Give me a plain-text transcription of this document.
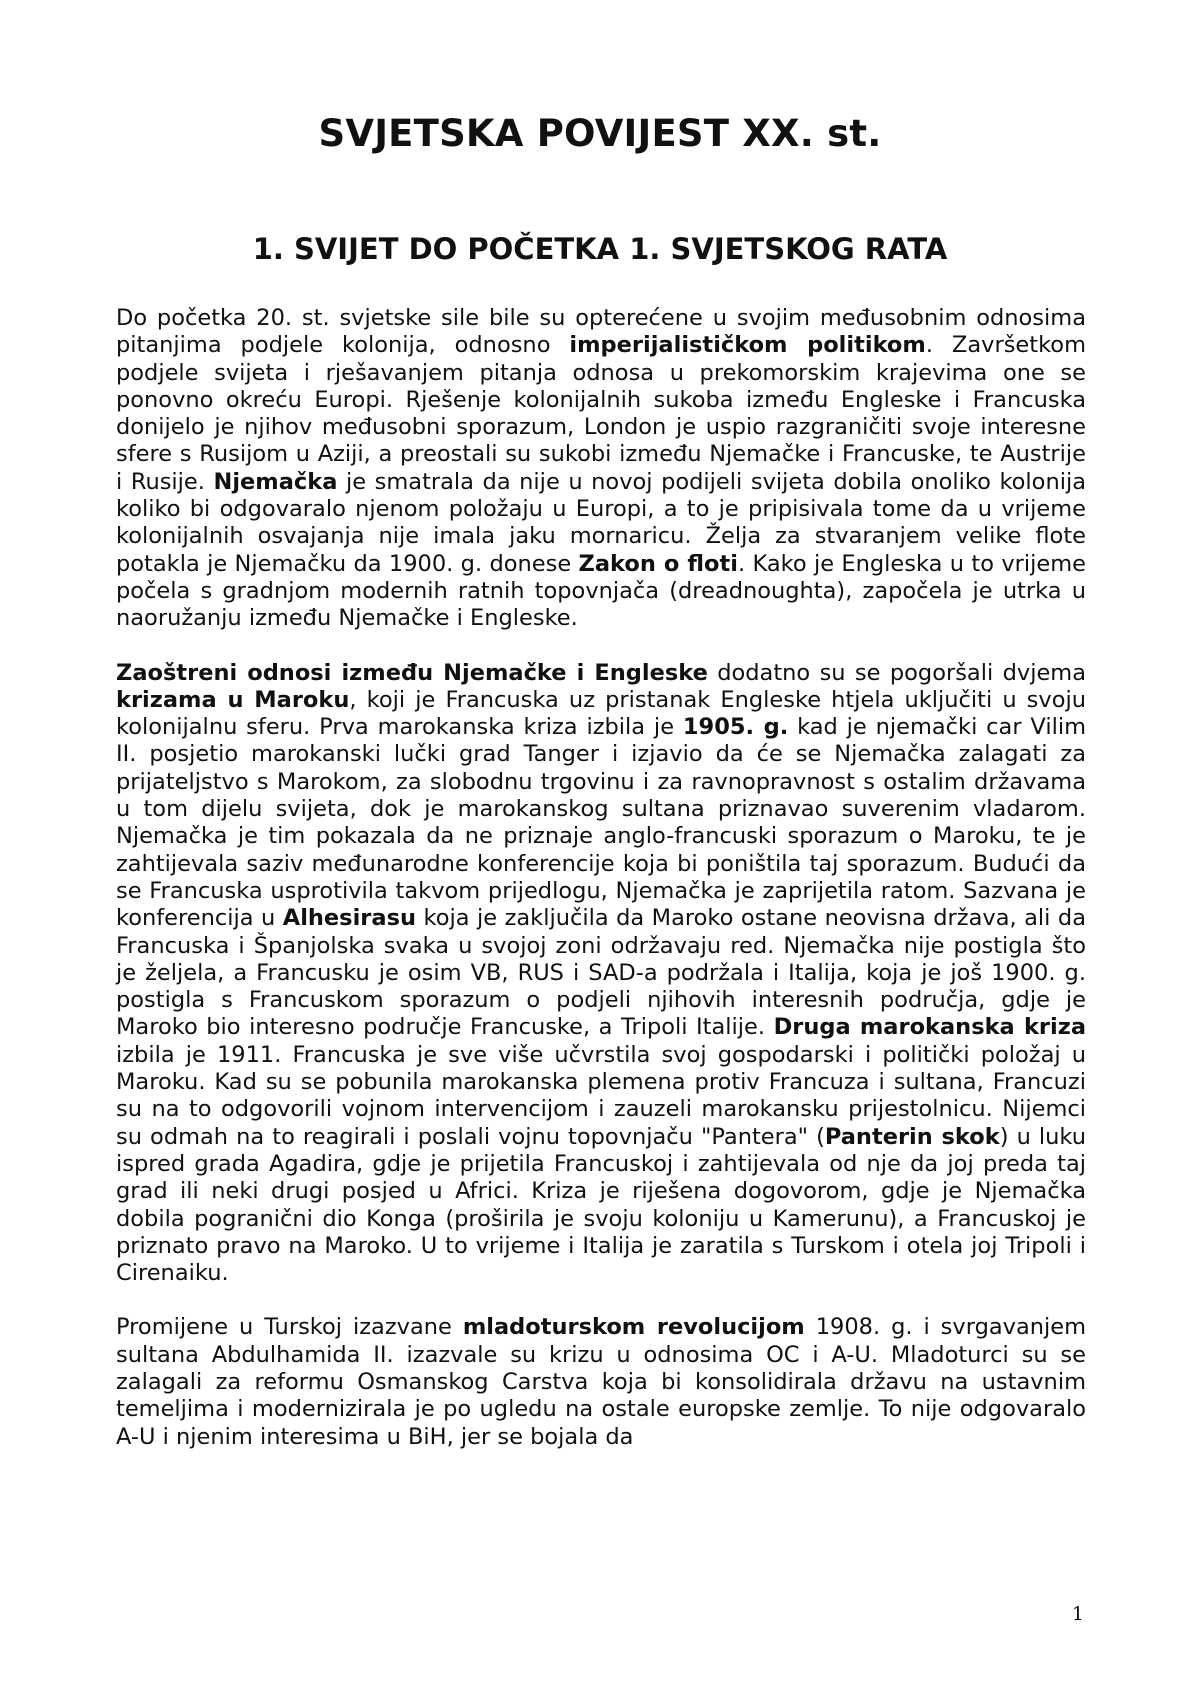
SVJETSKA POVIJEST XX. st.
1. SVIJET DO POČETKA 1. SVJETSKOG RATA

Do početka 20. st. svjetske sile bile su opterećene u svojim međusobnim odnosima pitanjima podjele kolonija, odnosno imperijalističkom politikom. Završetkom podjele svijeta i rješavanjem pitanja odnosa u prekomorskim krajevima one se ponovno okreću Europi. Rješenje kolonijalnih sukoba između Engleske i Francuska donijelo je njihov međusobni sporazum, London je uspio razgraničiti svoje interesne sfere s Rusijom u Aziji, a preostali su sukobi između Njemačke i Francuske, te Austrije i Rusije. Njemačka je smatrala da nije u novoj podijeli svijeta dobila onoliko kolonija koliko bi odgovaralo njenom položaju u Europi, a to je pripisivala tome da u vrijeme kolonijalnih osvajanja nije imala jaku mornaricu. Želja za stvaranjem velike flote potakla je Njemačku da 1900. g. donese Zakon o floti. Kako je Engleska u to vrijeme počela s gradnjom modernih ratnih topovnjača (dreadnoughta), započela je utrka u naoružanju između Njemačke i Engleske.

Zaoštreni odnosi između Njemačke i Engleske dodatno su se pogoršali dvjema krizama u Maroku, koji je Francuska uz pristanak Engleske htjela uključiti u svoju kolonijalnu sferu. Prva marokanska kriza izbila je 1905. g. kad je njemački car Vilim II. posjetio marokanski lučki grad Tanger i izjavio da će se Njemačka zalagati za prijateljstvo s Marokom, za slobodnu trgovinu i za ravnopravnost s ostalim državama u tom dijelu svijeta, dok je marokanskog sultana priznavao suverenim vladarom. Njemačka je tim pokazala da ne priznaje anglo-francuski sporazum o Maroku, te je zahtijevala saziv međunarodne konferencije koja bi poništila taj sporazum. Budući da se Francuska usprotivila takvom prijedlogu, Njemačka je zaprijetila ratom. Sazvana je konferencija u Alhesirasu koja je zaključila da Maroko ostane neovisna država, ali da Francuska i Španjolska svaka u svojoj zoni održavaju red. Njemačka nije postigla što je željela, a Francusku je osim VB, RUS i SAD-a podržala i Italija, koja je još 1900. g. postigla s Francuskom sporazum o podjeli njihovih interesnih područja, gdje je Maroko bio interesno područje Francuske, a Tripoli Italije. Druga marokanska kriza izbila je 1911. Francuska je sve više učvrstila svoj gospodarski i politički položaj u Maroku. Kad su se pobunila marokanska plemena protiv Francuza i sultana, Francuzi su na to odgovorili vojnom intervencijom i zauzeli marokansku prijestolnicu. Nijemci su odmah na to reagirali i poslali vojnu topovnjaču "Pantera" (Panterin skok) u luku ispred grada Agadira, gdje je prijetila Francuskoj i zahtijevala od nje da joj preda taj grad ili neki drugi posjed u Africi. Kriza je riješena dogovorom, gdje je Njemačka dobila pogranični dio Konga (proširila je svoju koloniju u Kamerunu), a Francuskoj je priznato pravo na Maroko. U to vrijeme i Italija je zaratila s Turskom i otela joj Tripoli i Cirenaiku.

Promijene u Turskoj izazvane mladoturskom revolucijom 1908. g. i svrgavanjem sultana Abdulhamida II. izazvale su krizu u odnosima OC i A-U. Mladoturci su se zalagali za reformu Osmanskog Carstva koja bi konsolidirala državu na ustavnim temeljima i modernizirala je po ugledu na ostale europske zemlje. To nije odgovaralo A-U i njenim interesima u BiH, jer se bojala da

1
